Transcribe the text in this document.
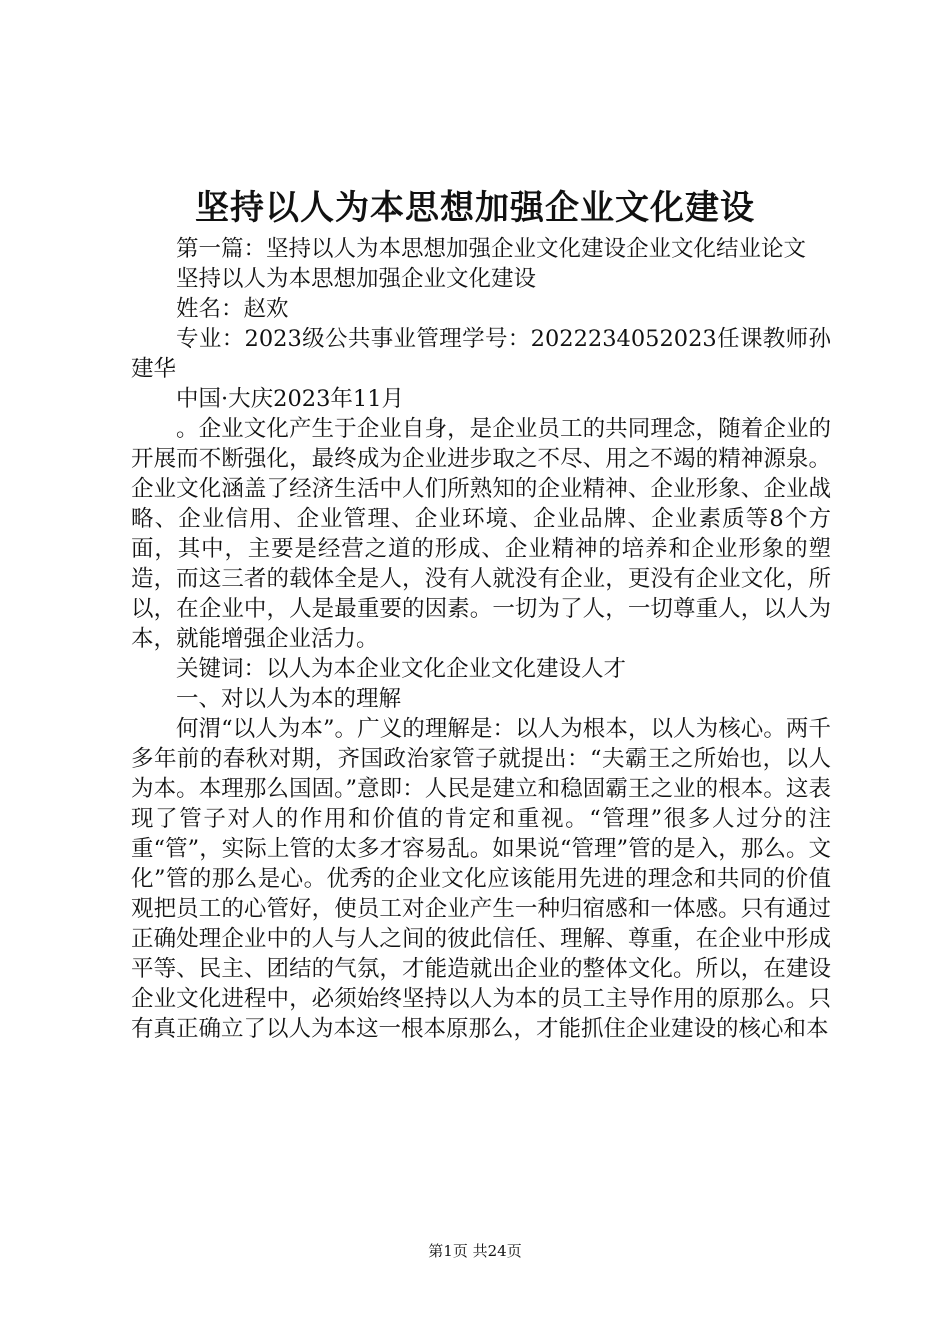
坚持以人为本思想加强企业文化建设

第一篇：坚持以人为本思想加强企业文化建设企业文化结业论文

坚持以人为本思想加强企业文化建设

姓名：赵欢

专业：2023级公共事业管理学号：2022234052023任课教师孙建华

中国·大庆2023年11月

。企业文化产生于企业自身，是企业员工的共同理念，随着企业的开展而不断强化，最终成为企业进步取之不尽、用之不竭的精神源泉。企业文化涵盖了经济生活中人们所熟知的企业精神、企业形象、企业战略、企业信用、企业管理、企业环境、企业品牌、企业素质等8个方面，其中，主要是经营之道的形成、企业精神的培养和企业形象的塑造，而这三者的载体全是人，没有人就没有企业，更没有企业文化，所以，在企业中，人是最重要的因素。一切为了人，一切尊重人，以人为本，就能增强企业活力。

关键词：以人为本企业文化企业文化建设人才

一、对以人为本的理解

何渭“以人为本”。广义的理解是：以人为根本，以人为核心。两千多年前的春秋对期，齐国政治家管子就提出：“夫霸王之所始也，以人为本。本理那么国固。”意即：人民是建立和稳固霸王之业的根本。这表现了管子对人的作用和价值的肯定和重视。“管理”很多人过分的注重“管”，实际上管的太多才容易乱。如果说“管理”管的是入，那么。文化”管的那么是心。优秀的企业文化应该能用先进的理念和共同的价值观把员工的心管好，使员工对企业产生一种归宿感和一体感。只有通过正确处理企业中的人与人之间的彼此信任、理解、尊重，在企业中形成平等、民主、团结的气氛，才能造就出企业的整体文化。所以，在建设企业文化进程中，必须始终坚持以人为本的员工主导作用的原那么。只有真正确立了以人为本这一根本原那么，才能抓住企业建设的核心和本

第1页 共24页
